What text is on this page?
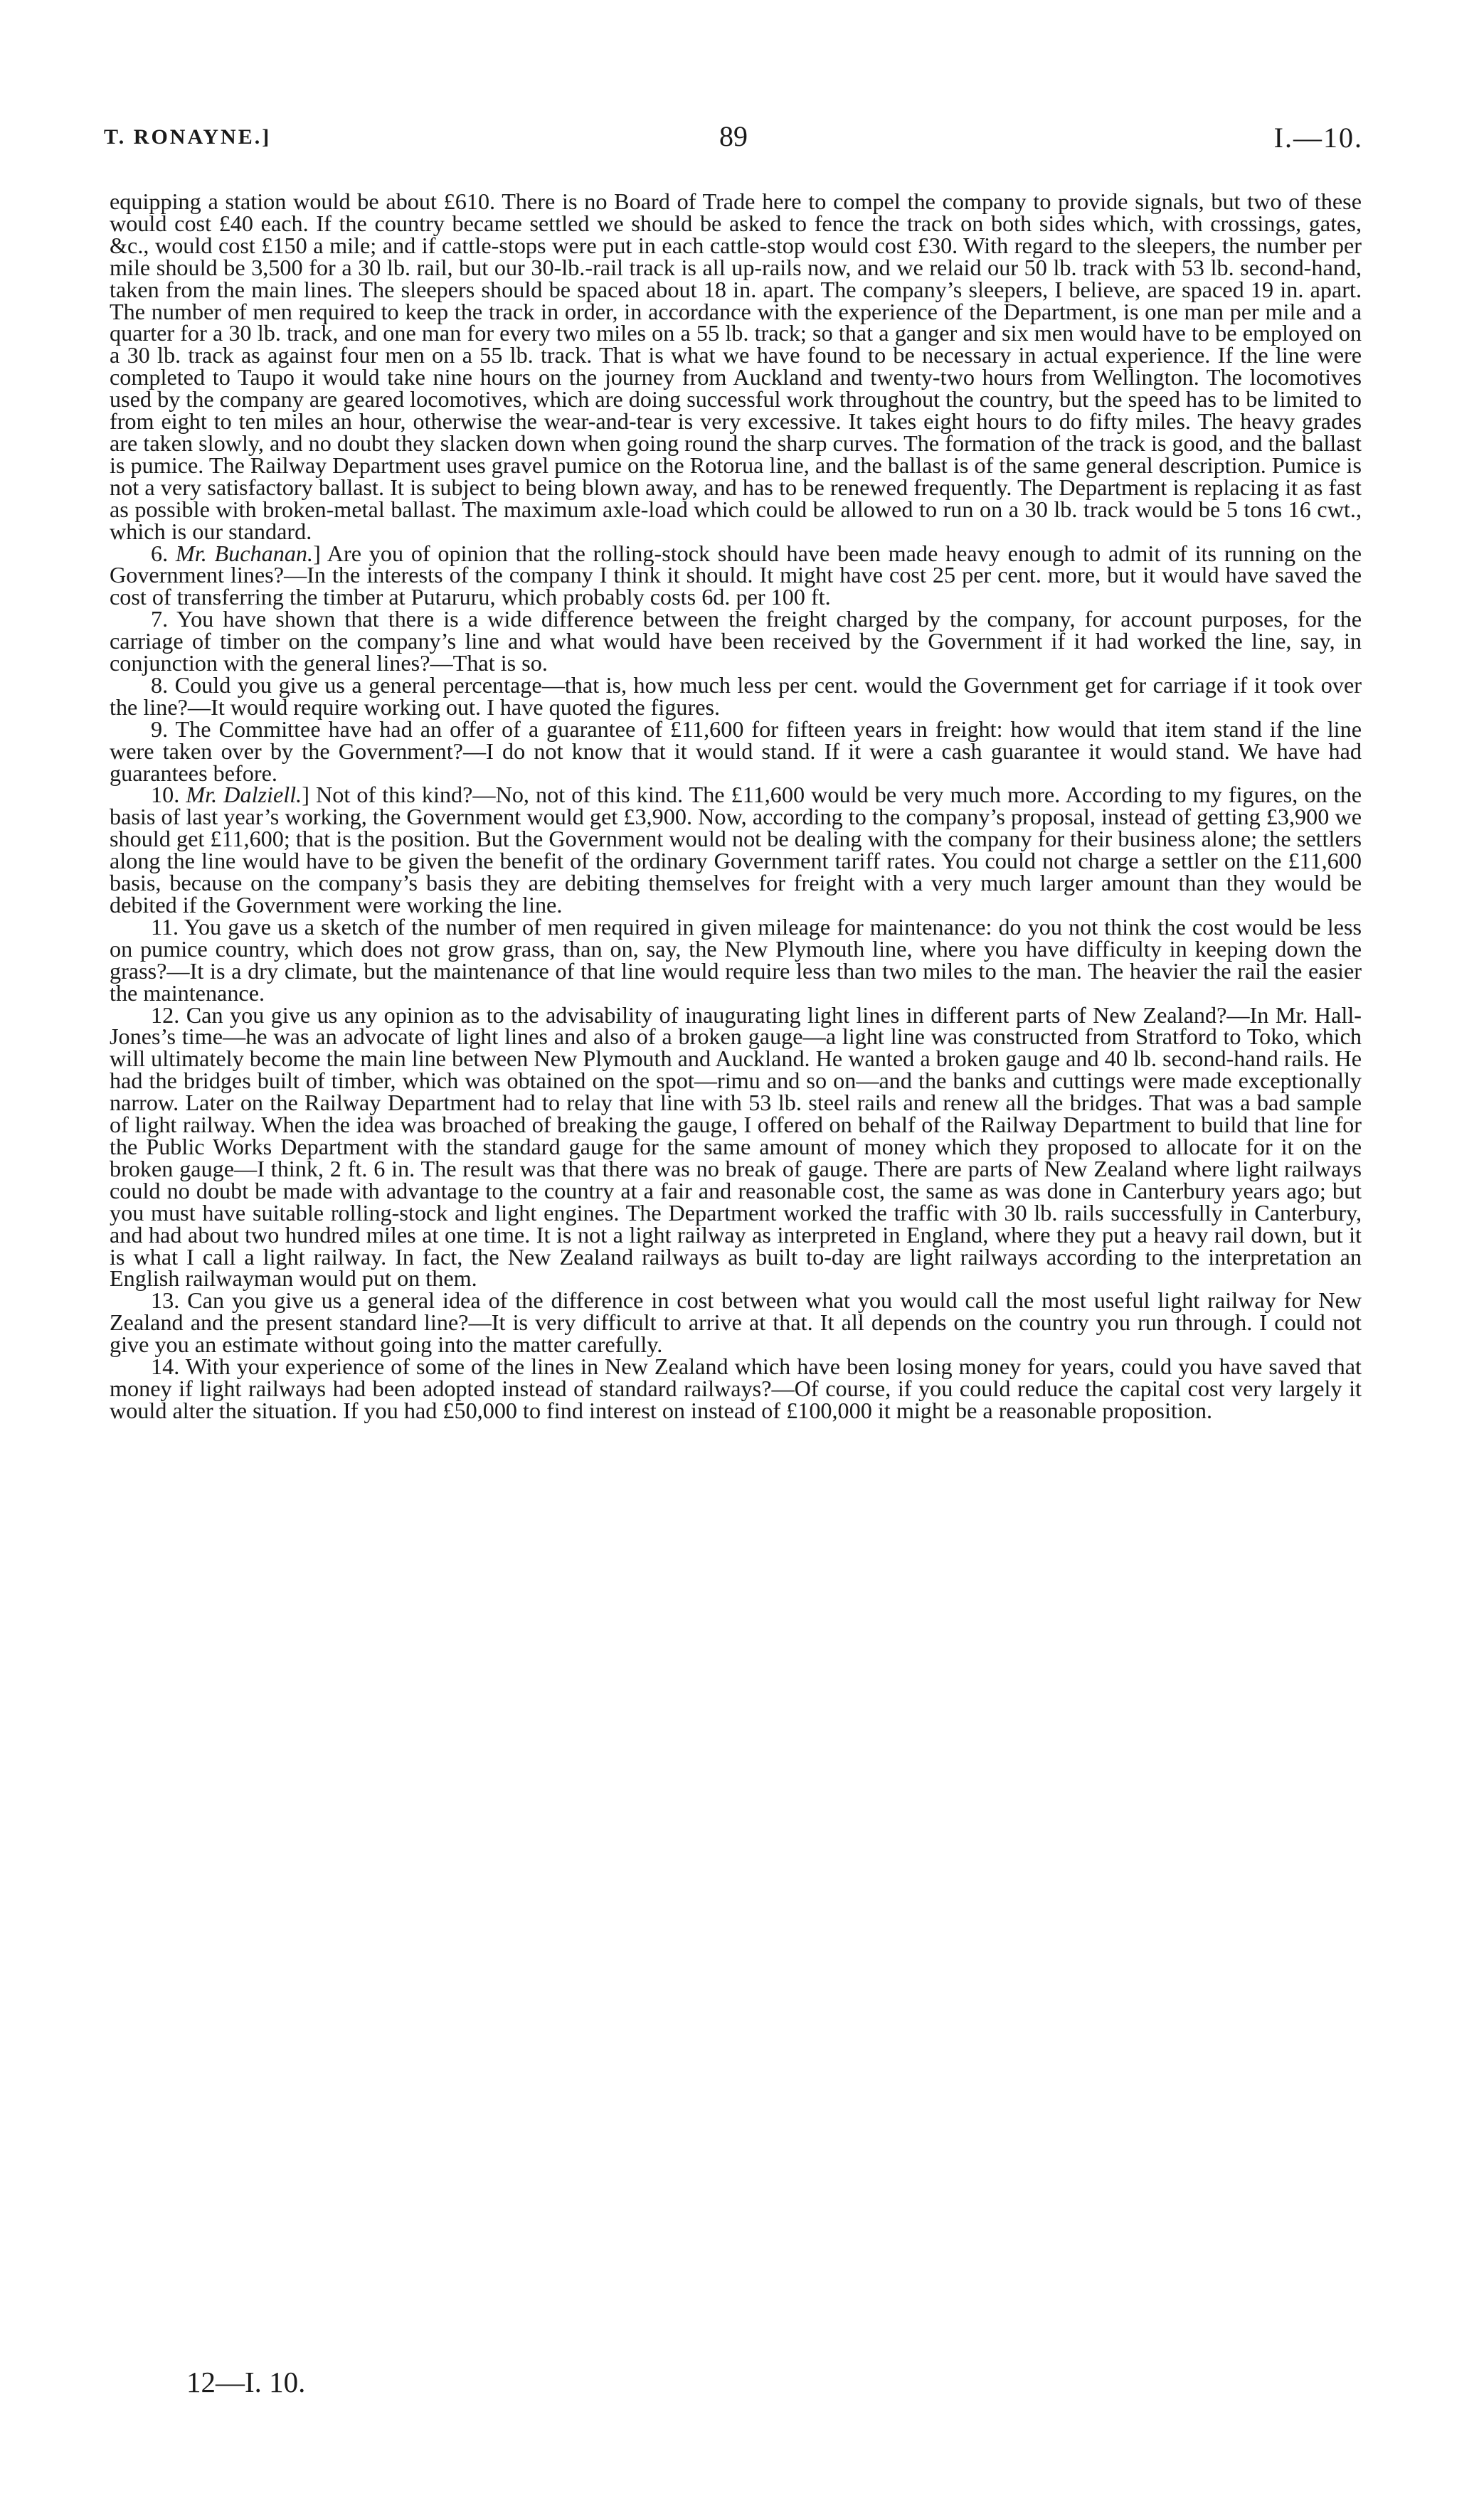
T. RONAYNE.]	89	I.—10.

equipping a station would be about £610. There is no Board of Trade here to compel the company to provide signals, but two of these would cost £40 each. If the country became settled we should be asked to fence the track on both sides which, with crossings, gates, &c., would cost £150 a mile; and if cattle-stops were put in each cattle-stop would cost £30. With regard to the sleepers, the number per mile should be 3,500 for a 30 lb. rail, but our 30-lb.-rail track is all up-rails now, and we relaid our 50 lb. track with 53 lb. second-hand, taken from the main lines. The sleepers should be spaced about 18 in. apart. The company’s sleepers, I believe, are spaced 19 in. apart. The number of men required to keep the track in order, in accordance with the experience of the Department, is one man per mile and a quarter for a 30 lb. track, and one man for every two miles on a 55 lb. track; so that a ganger and six men would have to be employed on a 30 lb. track as against four men on a 55 lb. track. That is what we have found to be necessary in actual experience. If the line were completed to Taupo it would take nine hours on the journey from Auckland and twenty-two hours from Wellington. The locomotives used by the company are geared locomotives, which are doing successful work throughout the country, but the speed has to be limited to from eight to ten miles an hour, otherwise the wear-and-tear is very excessive. It takes eight hours to do fifty miles. The heavy grades are taken slowly, and no doubt they slacken down when going round the sharp curves. The formation of the track is good, and the ballast is pumice. The Railway Department uses gravel pumice on the Rotorua line, and the ballast is of the same general description. Pumice is not a very satisfactory ballast. It is subject to being blown away, and has to be renewed frequently. The Department is replacing it as fast as possible with broken-metal ballast. The maximum axle-load which could be allowed to run on a 30 lb. track would be 5 tons 16 cwt., which is our standard.

6. Mr. Buchanan.] Are you of opinion that the rolling-stock should have been made heavy enough to admit of its running on the Government lines?—In the interests of the company I think it should. It might have cost 25 per cent. more, but it would have saved the cost of transferring the timber at Putaruru, which probably costs 6d. per 100 ft.

7. You have shown that there is a wide difference between the freight charged by the company, for account purposes, for the carriage of timber on the company’s line and what would have been received by the Government if it had worked the line, say, in conjunction with the general lines?—That is so.

8. Could you give us a general percentage—that is, how much less per cent. would the Government get for carriage if it took over the line?—It would require working out. I have quoted the figures.

9. The Committee have had an offer of a guarantee of £11,600 for fifteen years in freight: how would that item stand if the line were taken over by the Government?—I do not know that it would stand. If it were a cash guarantee it would stand. We have had guarantees before.

10. Mr. Dalziell.] Not of this kind?—No, not of this kind. The £11,600 would be very much more. According to my figures, on the basis of last year’s working, the Government would get £3,900. Now, according to the company’s proposal, instead of getting £3,900 we should get £11,600; that is the position. But the Government would not be dealing with the company for their business alone; the settlers along the line would have to be given the benefit of the ordinary Government tariff rates. You could not charge a settler on the £11,600 basis, because on the company’s basis they are debiting themselves for freight with a very much larger amount than they would be debited if the Government were working the line.

11. You gave us a sketch of the number of men required in given mileage for maintenance: do you not think the cost would be less on pumice country, which does not grow grass, than on, say, the New Plymouth line, where you have difficulty in keeping down the grass?—It is a dry climate, but the maintenance of that line would require less than two miles to the man. The heavier the rail the easier the maintenance.

12. Can you give us any opinion as to the advisability of inaugurating light lines in different parts of New Zealand?—In Mr. Hall-Jones’s time—he was an advocate of light lines and also of a broken gauge—a light line was constructed from Stratford to Toko, which will ultimately become the main line between New Plymouth and Auckland. He wanted a broken gauge and 40 lb. second-hand rails. He had the bridges built of timber, which was obtained on the spot—rimu and so on—and the banks and cuttings were made exceptionally narrow. Later on the Railway Department had to relay that line with 53 lb. steel rails and renew all the bridges. That was a bad sample of light railway. When the idea was broached of breaking the gauge, I offered on behalf of the Railway Department to build that line for the Public Works Department with the standard gauge for the same amount of money which they proposed to allocate for it on the broken gauge—I think, 2 ft. 6 in. The result was that there was no break of gauge. There are parts of New Zealand where light railways could no doubt be made with advantage to the country at a fair and reasonable cost, the same as was done in Canterbury years ago; but you must have suitable rolling-stock and light engines. The Department worked the traffic with 30 lb. rails successfully in Canterbury, and had about two hundred miles at one time. It is not a light railway as interpreted in England, where they put a heavy rail down, but it is what I call a light railway. In fact, the New Zealand railways as built to-day are light railways according to the interpretation an English railwayman would put on them.

13. Can you give us a general idea of the difference in cost between what you would call the most useful light railway for New Zealand and the present standard line?—It is very difficult to arrive at that. It all depends on the country you run through. I could not give you an estimate without going into the matter carefully.

14. With your experience of some of the lines in New Zealand which have been losing money for years, could you have saved that money if light railways had been adopted instead of standard railways?—Of course, if you could reduce the capital cost very largely it would alter the situation. If you had £50,000 to find interest on instead of £100,000 it might be a reasonable proposition.

12—I. 10.
